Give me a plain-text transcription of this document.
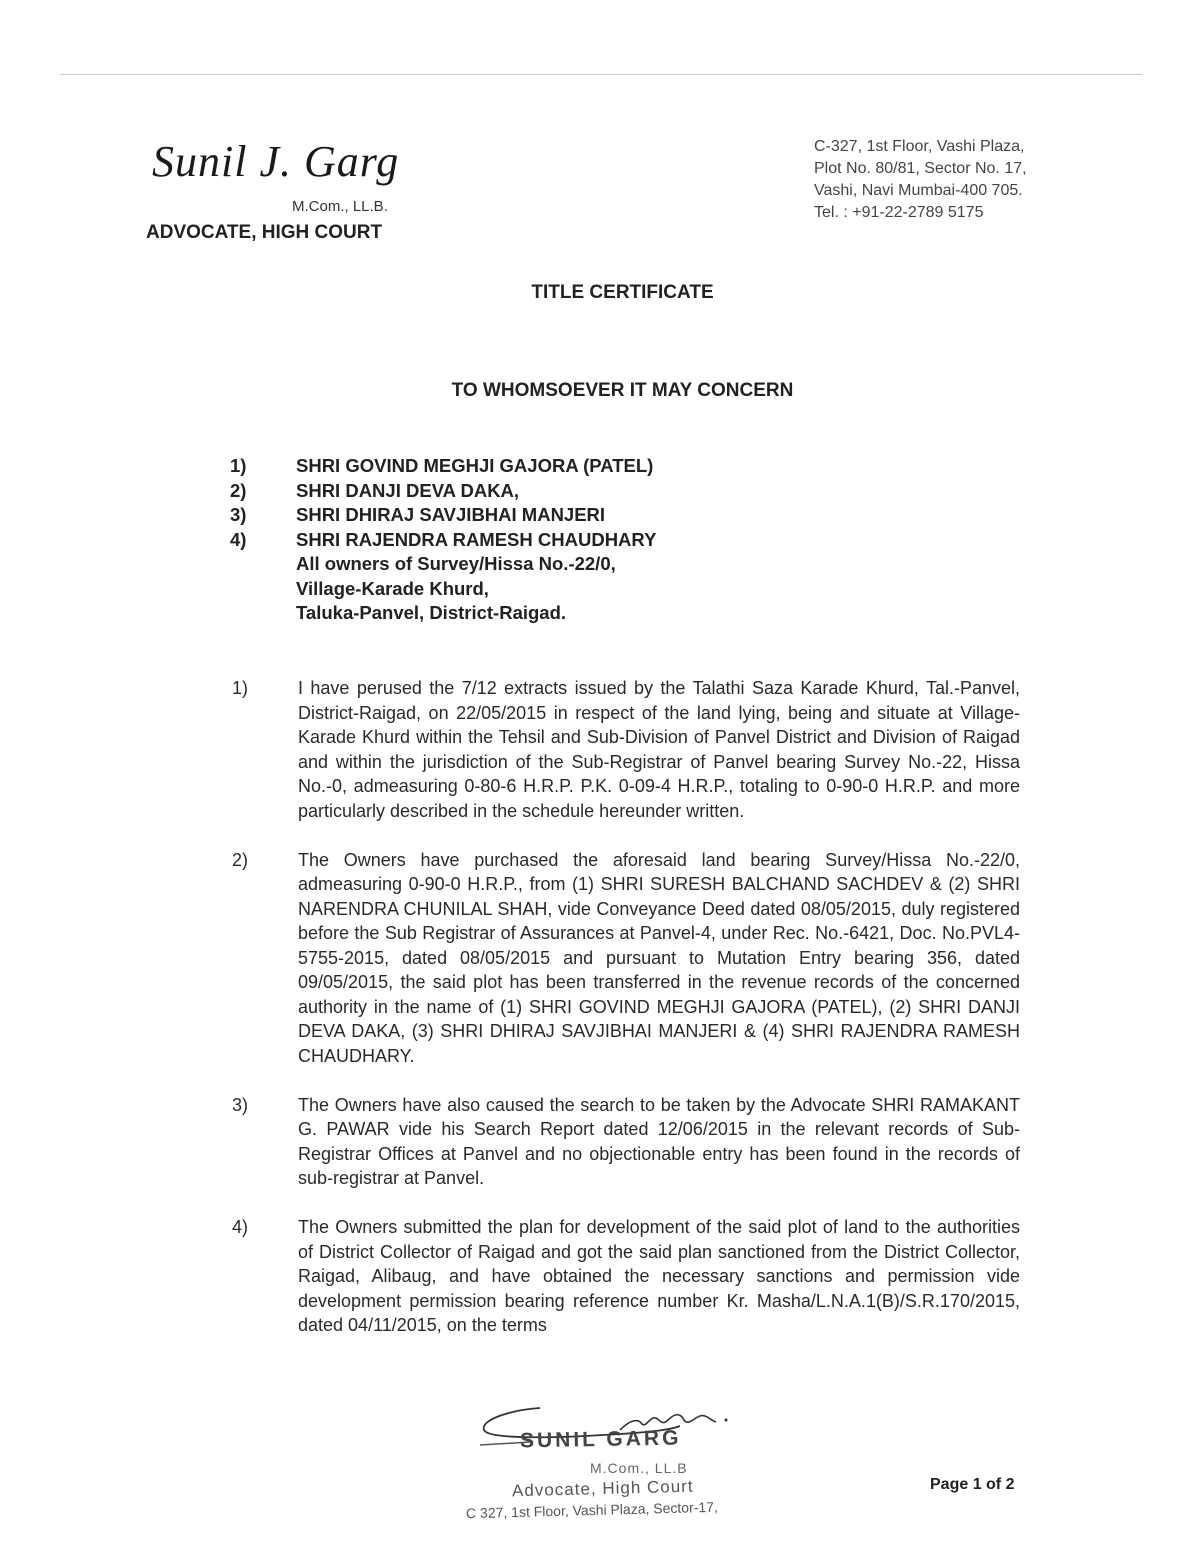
Sunil J. Garg
M.Com., LL.B.
ADVOCATE, HIGH COURT
C-327, 1st Floor, Vashi Plaza,
Plot No. 80/81, Sector No. 17,
Vashi, Navi Mumbai-400 705.
Tel. : +91-22-2789 5175
TITLE CERTIFICATE
TO WHOMSOEVER IT MAY CONCERN
1)	SHRI GOVIND MEGHJI GAJORA (PATEL)
2)	SHRI DANJI DEVA DAKA,
3)	SHRI DHIRAJ SAVJIBHAI MANJERI
4)	SHRI RAJENDRA RAMESH CHAUDHARY
All owners of Survey/Hissa No.-22/0,
Village-Karade Khurd,
Taluka-Panvel, District-Raigad.
1)	I have perused the 7/12 extracts issued by the Talathi Saza Karade Khurd, Tal.-Panvel, District-Raigad, on 22/05/2015 in respect of the land lying, being and situate at Village-Karade Khurd within the Tehsil and Sub-Division of Panvel District and Division of Raigad and within the jurisdiction of the Sub-Registrar of Panvel bearing Survey No.-22, Hissa No.-0, admeasuring 0-80-6 H.R.P. P.K. 0-09-4 H.R.P., totaling to 0-90-0 H.R.P. and more particularly described in the schedule hereunder written.
2)	The Owners have purchased the aforesaid land bearing Survey/Hissa No.-22/0, admeasuring 0-90-0 H.R.P., from (1) SHRI SURESH BALCHAND SACHDEV & (2) SHRI NARENDRA CHUNILAL SHAH, vide Conveyance Deed dated 08/05/2015, duly registered before the Sub Registrar of Assurances at Panvel-4, under Rec. No.-6421, Doc. No.PVL4-5755-2015, dated 08/05/2015 and pursuant to Mutation Entry bearing 356, dated 09/05/2015, the said plot has been transferred in the revenue records of the concerned authority in the name of (1) SHRI GOVIND MEGHJI GAJORA (PATEL), (2) SHRI DANJI DEVA DAKA, (3) SHRI DHIRAJ SAVJIBHAI MANJERI & (4) SHRI RAJENDRA RAMESH CHAUDHARY.
3)	The Owners have also caused the search to be taken by the Advocate SHRI RAMAKANT G. PAWAR vide his Search Report dated 12/06/2015 in the relevant records of Sub-Registrar Offices at Panvel and no objectionable entry has been found in the records of sub-registrar at Panvel.
4)	The Owners submitted the plan for development of the said plot of land to the authorities of District Collector of Raigad and got the said plan sanctioned from the District Collector, Raigad, Alibaug, and have obtained the necessary sanctions and permission vide development permission bearing reference number Kr. Masha/L.N.A.1(B)/S.R.170/2015, dated 04/11/2015, on the terms
SUNIL GARG
M.Com., LL.B
Advocate, High Court
C 327, 1st Floor, Vashi Plaza, Sector-17,
Page 1 of 2
